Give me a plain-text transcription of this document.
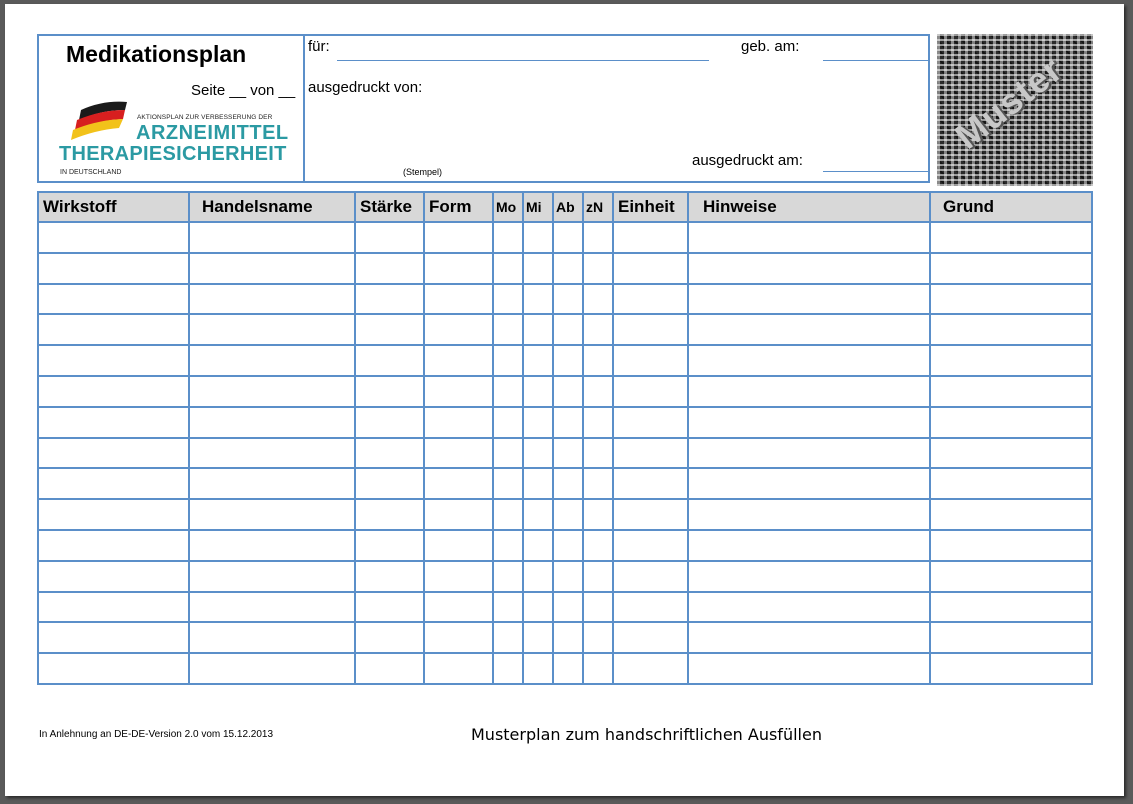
Medikationsplan
Seite __ von __
AKTIONSPLAN ZUR VERBESSERUNG DER
ARZNEIMITTEL
THERAPIESICHERHEIT
IN DEUTSCHLAND
für:	geb. am:
ausgedruckt von:
ausgedruckt am:
(Stempel)
Muster
Wirkstoff	Handelsname	Stärke	Form	Mo	Mi	Ab	zN	Einheit	Hinweise	Grund

In Anlehnung an DE-DE-Version 2.0 vom 15.12.2013	Musterplan zum handschriftlichen Ausfüllen
